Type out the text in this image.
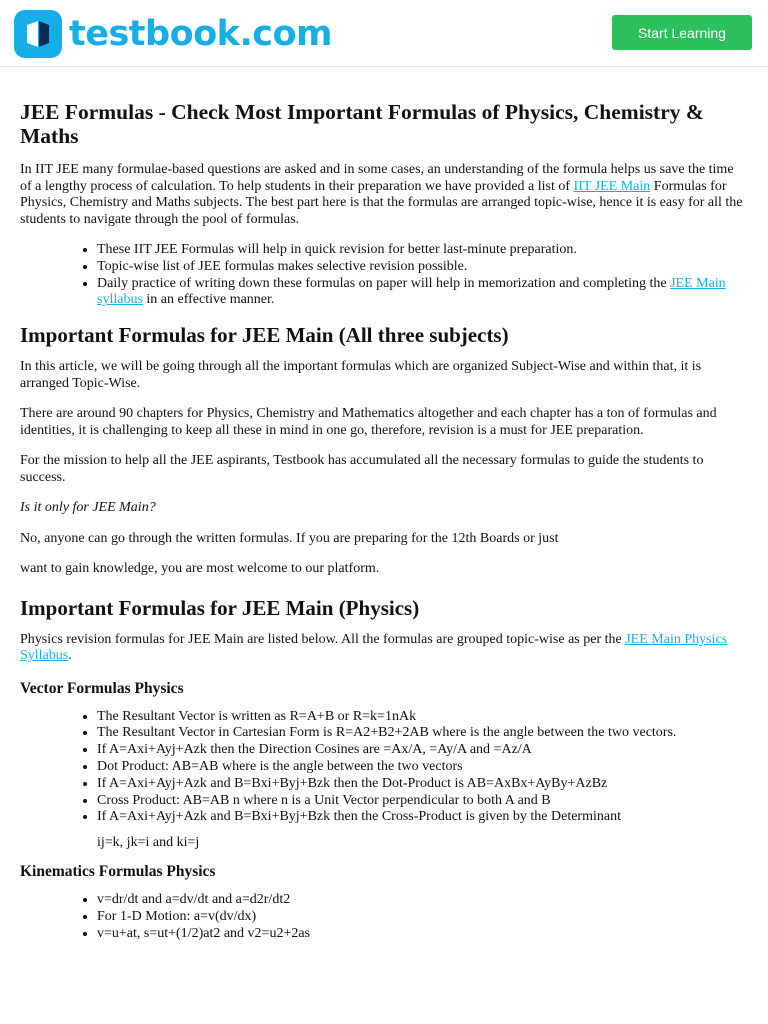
testbook.com	Start Learning
JEE Formulas - Check Most Important Formulas of Physics, Chemistry & Maths

In IIT JEE many formulae-based questions are asked and in some cases, an understanding of the formula helps us save the time of a lengthy process of calculation. To help students in their preparation we have provided a list of IIT JEE Main Formulas for Physics, Chemistry and Maths subjects. The best part here is that the formulas are arranged topic-wise, hence it is easy for all the students to navigate through the pool of formulas.

• These IIT JEE Formulas will help in quick revision for better last-minute preparation.
• Topic-wise list of JEE formulas makes selective revision possible.
• Daily practice of writing down these formulas on paper will help in memorization and completing the JEE Main syllabus in an effective manner.
Important Formulas for JEE Main (All three subjects)

In this article, we will be going through all the important formulas which are organized Subject-Wise and within that, it is arranged Topic-Wise.

There are around 90 chapters for Physics, Chemistry and Mathematics altogether and each chapter has a ton of formulas and identities, it is challenging to keep all these in mind in one go, therefore, revision is a must for JEE preparation.

For the mission to help all the JEE aspirants, Testbook has accumulated all the necessary formulas to guide the students to success.

Is it only for JEE Main?

No, anyone can go through the written formulas. If you are preparing for the 12th Boards or just

want to gain knowledge, you are most welcome to our platform.

Important Formulas for JEE Main (Physics)

Physics revision formulas for JEE Main are listed below. All the formulas are grouped topic-wise as per the JEE Main Physics Syllabus.

Vector Formulas Physics
• The Resultant Vector is written as R=A+B or R=k=1nAk
• The Resultant Vector in Cartesian Form is R=A2+B2+2AB where is the angle between the two vectors.
• If A=Axi+Ayj+Azk then the Direction Cosines are =Ax/A, =Ay/A and =Az/A
• Dot Product: AB=AB where is the angle between the two vectors
• If A=Axi+Ayj+Azk and B=Bxi+Byj+Bzk then the Dot-Product is AB=AxBx+AyBy+AzBz
• Cross Product: AB=AB n where n is a Unit Vector perpendicular to both A and B
• If A=Axi+Ayj+Azk and B=Bxi+Byj+Bzk then the Cross-Product is given by the Determinant
ij=k, jk=i and ki=j
Kinematics Formulas Physics
• v=dr/dt and a=dv/dt and a=d2r/dt2
• For 1-D Motion: a=v(dv/dx)
• v=u+at, s=ut+(1/2)at2 and v2=u2+2as
